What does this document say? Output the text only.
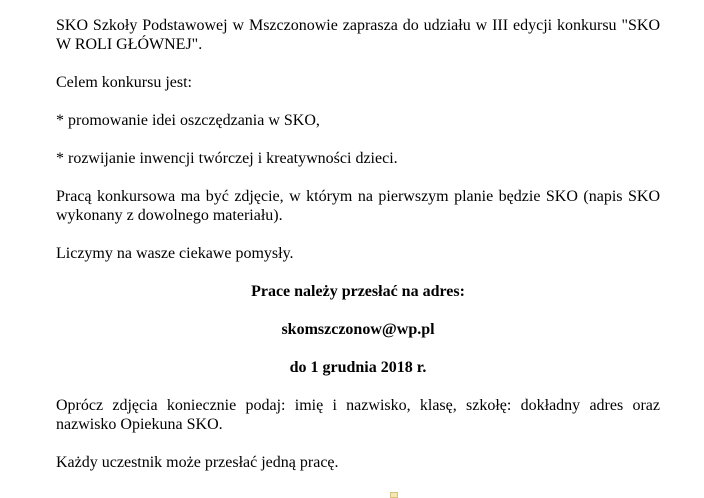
SKO Szkoły Podstawowej w Mszczonowie zaprasza do udziału w III edycji konkursu "SKO W ROLI GŁÓWNEJ".

Celem konkursu jest:

* promowanie idei oszczędzania w SKO,

* rozwijanie inwencji twórczej i kreatywności dzieci.

Pracą konkursowa ma być zdjęcie, w którym na pierwszym planie będzie SKO (napis SKO wykonany z dowolnego materiału).

Liczymy na wasze ciekawe pomysły.

Prace należy przesłać na adres:

skomszczonow@wp.pl

do 1 grudnia 2018 r.

Oprócz zdjęcia koniecznie podaj: imię i nazwisko, klasę, szkołę: dokładny adres oraz nazwisko Opiekuna SKO.

Każdy uczestnik może przesłać jedną pracę.
